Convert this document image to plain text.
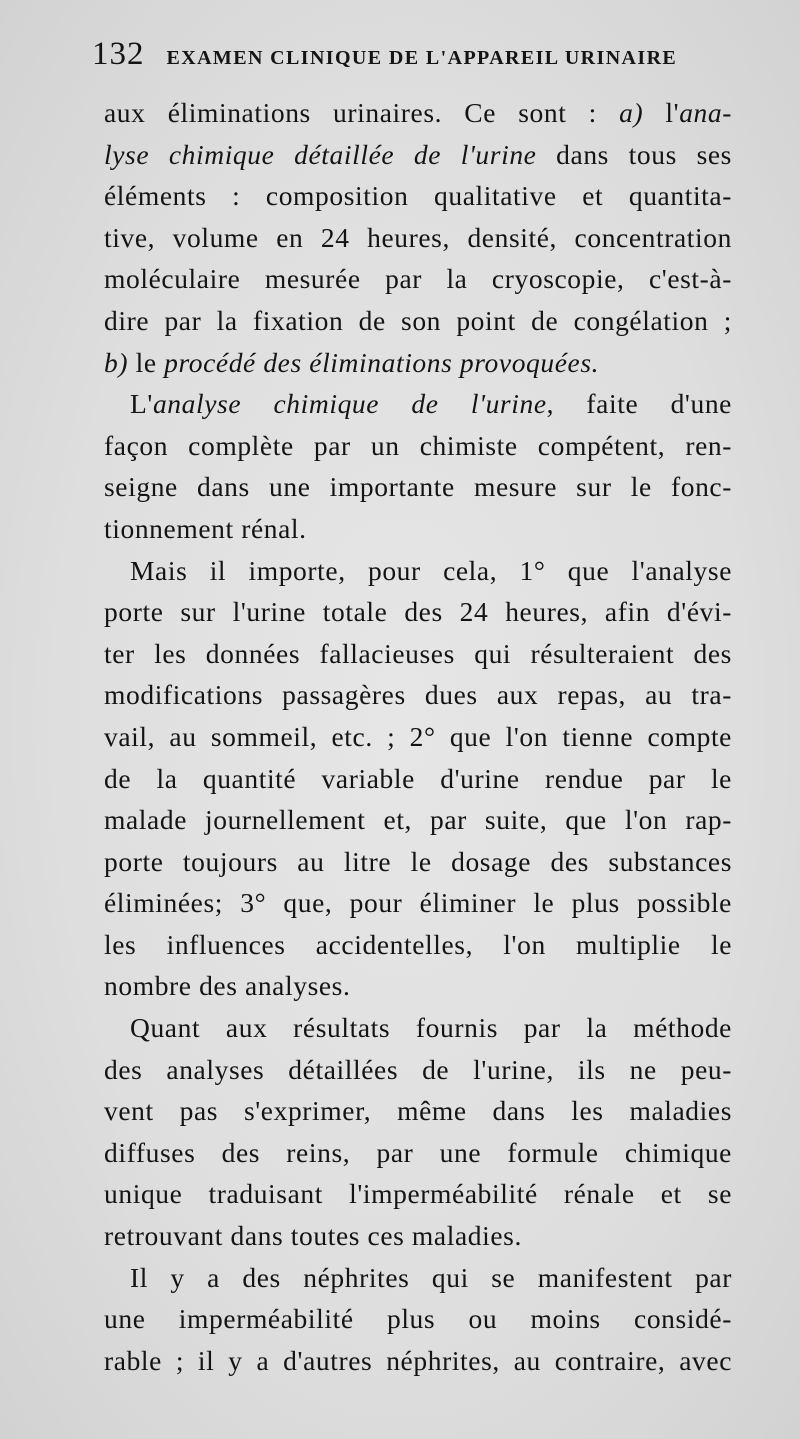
132 EXAMEN CLINIQUE DE L'APPAREIL URINAIRE
aux éliminations urinaires. Ce sont : a) l'ana-
lyse chimique détaillée de l'urine dans tous ses
éléments : composition qualitative et quantita-
tive, volume en 24 heures, densité, concentration
moléculaire mesurée par la cryoscopie, c'est-à-
dire par la fixation de son point de congélation ;
b) le procédé des éliminations provoquées.
L'analyse chimique de l'urine, faite d'une
façon complète par un chimiste compétent, ren-
seigne dans une importante mesure sur le fonc-
tionnement rénal.
Mais il importe, pour cela, 1° que l'analyse
porte sur l'urine totale des 24 heures, afin d'évi-
ter les données fallacieuses qui résulteraient des
modifications passagères dues aux repas, au tra-
vail, au sommeil, etc. ; 2° que l'on tienne compte
de la quantité variable d'urine rendue par le
malade journellement et, par suite, que l'on rap-
porte toujours au litre le dosage des substances
éliminées; 3° que, pour éliminer le plus possible
les influences accidentelles, l'on multiplie le
nombre des analyses.
Quant aux résultats fournis par la méthode
des analyses détaillées de l'urine, ils ne peu-
vent pas s'exprimer, même dans les maladies
diffuses des reins, par une formule chimique
unique traduisant l'imperméabilité rénale et se
retrouvant dans toutes ces maladies.
Il y a des néphrites qui se manifestent par
une imperméabilité plus ou moins considé-
rable ; il y a d'autres néphrites, au contraire, avec
